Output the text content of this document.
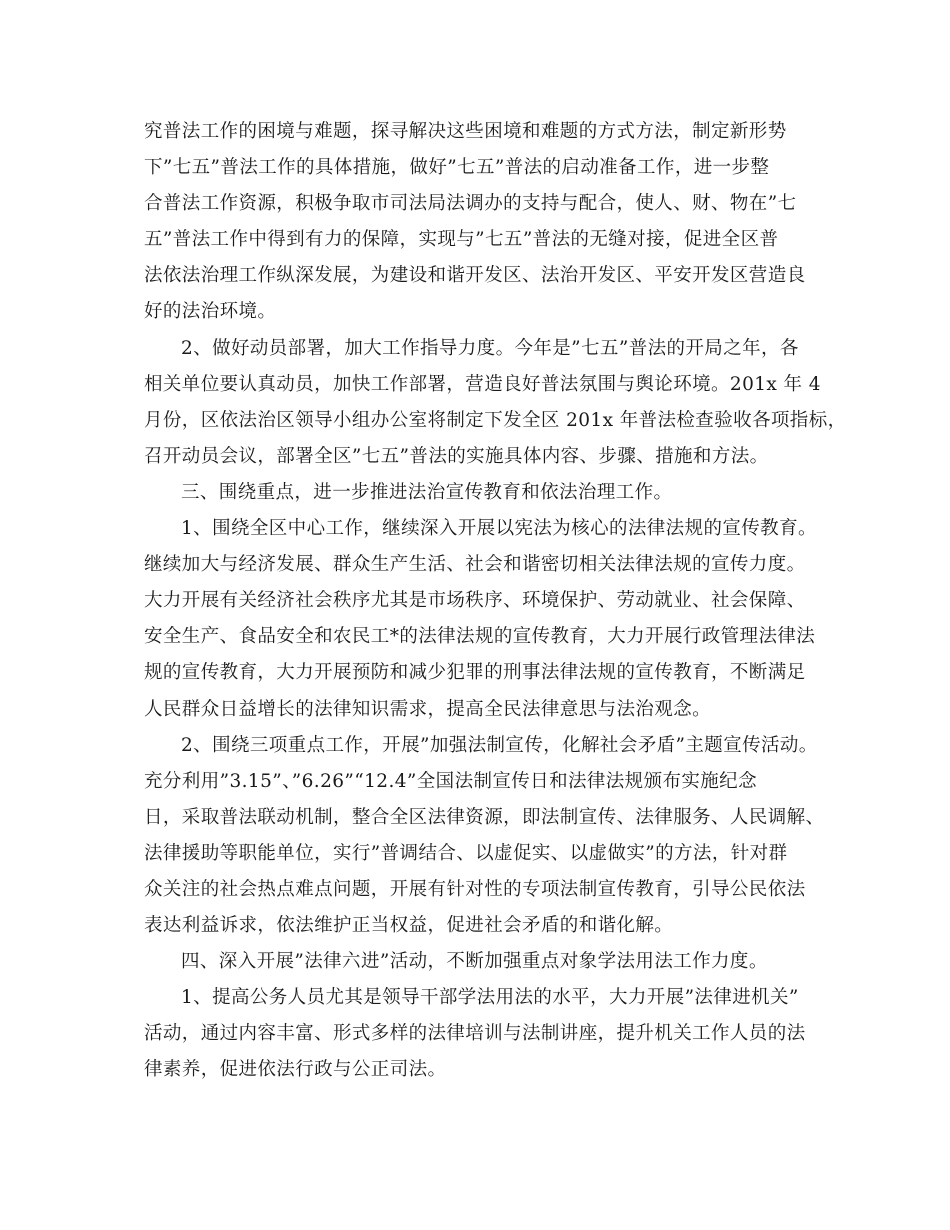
究普法工作的困境与难题，探寻解决这些困境和难题的方式方法，制定新形势
下”七五”普法工作的具体措施，做好”七五”普法的启动准备工作，进一步整
合普法工作资源，积极争取市司法局法调办的支持与配合，使人、财、物在”七
五”普法工作中得到有力的保障，实现与”七五”普法的无缝对接，促进全区普
法依法治理工作纵深发展，为建设和谐开发区、法治开发区、平安开发区营造良
好的法治环境。
2、做好动员部署，加大工作指导力度。今年是”七五”普法的开局之年，各
相关单位要认真动员，加快工作部署，营造良好普法氛围与舆论环境。201x 年 4
月份，区依法治区领导小组办公室将制定下发全区 201x 年普法检查验收各项指标，
召开动员会议，部署全区”七五”普法的实施具体内容、步骤、措施和方法。
三、围绕重点，进一步推进法治宣传教育和依法治理工作。
1、围绕全区中心工作，继续深入开展以宪法为核心的法律法规的宣传教育。
继续加大与经济发展、群众生产生活、社会和谐密切相关法律法规的宣传力度。
大力开展有关经济社会秩序尤其是市场秩序、环境保护、劳动就业、社会保障、
安全生产、食品安全和农民工*的法律法规的宣传教育，大力开展行政管理法律法
规的宣传教育，大力开展预防和减少犯罪的刑事法律法规的宣传教育，不断满足
人民群众日益增长的法律知识需求，提高全民法律意思与法治观念。
2、围绕三项重点工作，开展”加强法制宣传，化解社会矛盾”主题宣传活动。
充分利用”3.15”、”6.26”“12.4”全国法制宣传日和法律法规颁布实施纪念
日，采取普法联动机制，整合全区法律资源，即法制宣传、法律服务、人民调解、
法律援助等职能单位，实行”普调结合、以虚促实、以虚做实”的方法，针对群
众关注的社会热点难点问题，开展有针对性的专项法制宣传教育，引导公民依法
表达利益诉求，依法维护正当权益，促进社会矛盾的和谐化解。
四、深入开展”法律六进”活动，不断加强重点对象学法用法工作力度。
1、提高公务人员尤其是领导干部学法用法的水平，大力开展”法律进机关”
活动，通过内容丰富、形式多样的法律培训与法制讲座，提升机关工作人员的法
律素养，促进依法行政与公正司法。
